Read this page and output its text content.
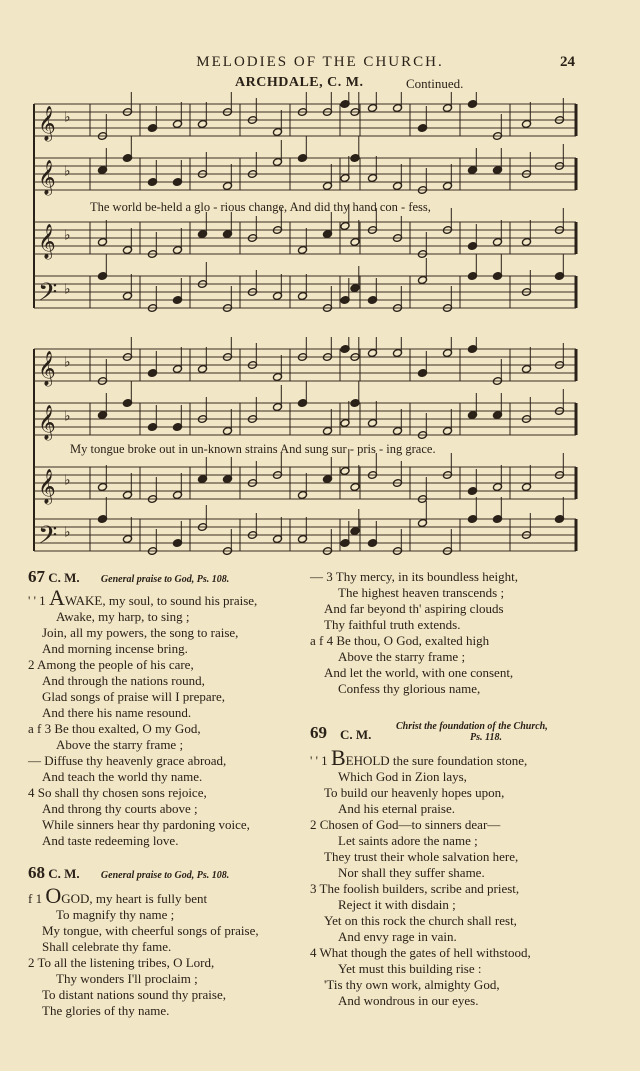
MELODIES OF THE CHURCH.	24
ARCHDALE, C. M.	Continued.
𝄞 ♭
𝄞 ♭
𝄞 ♭
𝄢 ♭
The world be-held a glo - rious change, And did thy hand con - fess,
𝄞 ♭
𝄞 ♭
𝄞 ♭
𝄢 ♭
My tongue broke out in un-known strains And sung sur - pris - ing grace.
67 C. M. General praise to God, Ps. 108.
' ' 1 AWAKE, my soul, to sound his praise,
Awake, my harp, to sing ;
Join, all my powers, the song to raise,
And morning incense bring.
2 Among the people of his care,
And through the nations round,
Glad songs of praise will I prepare,
And there his name resound.
a f 3 Be thou exalted, O my God,
Above the starry frame ;
— Diffuse thy heavenly grace abroad,
And teach the world thy name.
4 So shall thy chosen sons rejoice,
And throng thy courts above ;
While sinners hear thy pardoning voice,
And taste redeeming love.
68 C. M. General praise to God, Ps. 108.
f 1 OGOD, my heart is fully bent
To magnify thy name ;
My tongue, with cheerful songs of praise,
Shall celebrate thy fame.
2 To all the listening tribes, O Lord,
Thy wonders I'll proclaim ;
To distant nations sound thy praise,
The glories of thy name.
— 3 Thy mercy, in its boundless height,
The highest heaven transcends ;
And far beyond th' aspiring clouds
Thy faithful truth extends.
a f 4 Be thou, O God, exalted high
Above the starry frame ;
And let the world, with one consent,
Confess thy glorious name,
69 C. M.
Christ the foundation of the Church,
Ps. 118.
' ' 1 BEHOLD the sure foundation stone,
Which God in Zion lays,
To build our heavenly hopes upon,
And his eternal praise.
2 Chosen of God—to sinners dear—
Let saints adore the name ;
They trust their whole salvation here,
Nor shall they suffer shame.
3 The foolish builders, scribe and priest,
Reject it with disdain ;
Yet on this rock the church shall rest,
And envy rage in vain.
4 What though the gates of hell withstood,
Yet must this building rise :
'Tis thy own work, almighty God,
And wondrous in our eyes.
